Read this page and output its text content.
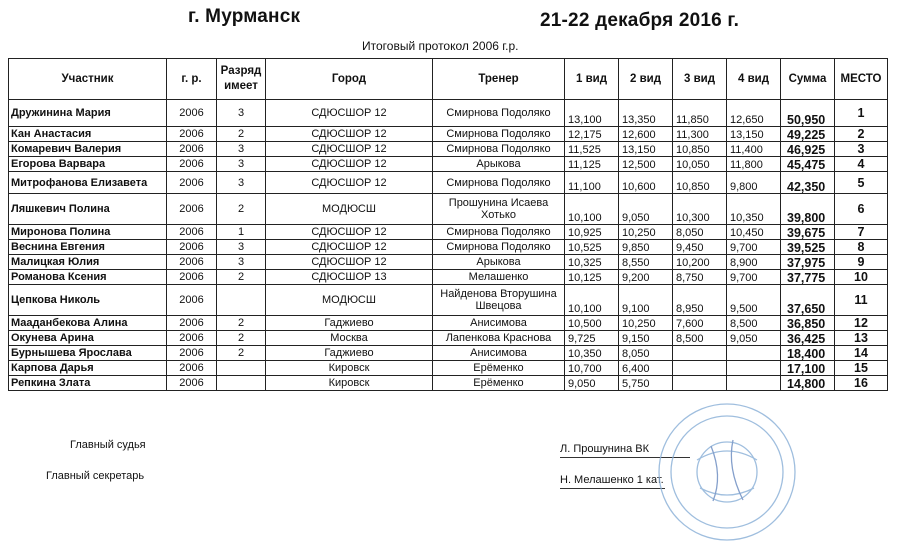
г. Мурманск	21-22 декабря 2016 г.
Итоговый протокол 2006 г.р.
Участник	г. р.	Разряд имеет	Город	Тренер	1 вид	2 вид	3 вид	4 вид	Сумма	МЕСТО
Дружинина Мария	2006	3	СДЮСШОР 12	Смирнова Подоляко	13,100	13,350	11,850	12,650	50,950	1
Кан Анастасия	2006	2	СДЮСШОР 12	Смирнова Подоляко	12,175	12,600	11,300	13,150	49,225	2
Комаревич Валерия	2006	3	СДЮСШОР 12	Смирнова Подоляко	11,525	13,150	10,850	11,400	46,925	3
Егорова Варвара	2006	3	СДЮСШОР 12	Арыкова	11,125	12,500	10,050	11,800	45,475	4
Митрофанова Елизавета	2006	3	СДЮСШОР 12	Смирнова Подоляко	11,100	10,600	10,850	9,800	42,350	5
Ляшкевич Полина	2006	2	МОДЮСШ	Прошунина Исаева Хотько	10,100	9,050	10,300	10,350	39,800	6
Миронова Полина	2006	1	СДЮСШОР 12	Смирнова Подоляко	10,925	10,250	8,050	10,450	39,675	7
Веснина Евгения	2006	3	СДЮСШОР 12	Смирнова Подоляко	10,525	9,850	9,450	9,700	39,525	8
Малицкая Юлия	2006	3	СДЮСШОР 12	Арыкова	10,325	8,550	10,200	8,900	37,975	9
Романова Ксения	2006	2	СДЮСШОР 13	Мелашенко	10,125	9,200	8,750	9,700	37,775	10
Цепкова Николь	2006		МОДЮСШ	Найденова Вторушина Швецова	10,100	9,100	8,950	9,500	37,650	11
Мааданбекова Алина	2006	2	Гаджиево	Анисимова	10,500	10,250	7,600	8,500	36,850	12
Окунева Арина	2006	2	Москва	Лапенкова Краснова	9,725	9,150	8,500	9,050	36,425	13
Бурнышева Ярослава	2006	2	Гаджиево	Анисимова	10,350	8,050			18,400	14
Карпова Дарья	2006		Кировск	Ерёменко	10,700	6,400			17,100	15
Репкина Злата	2006		Кировск	Ерёменко	9,050	5,750			14,800	16
Главный судья
Главный секретарь
Л. Прошунина ВК
Н. Мелашенко 1 кат.
